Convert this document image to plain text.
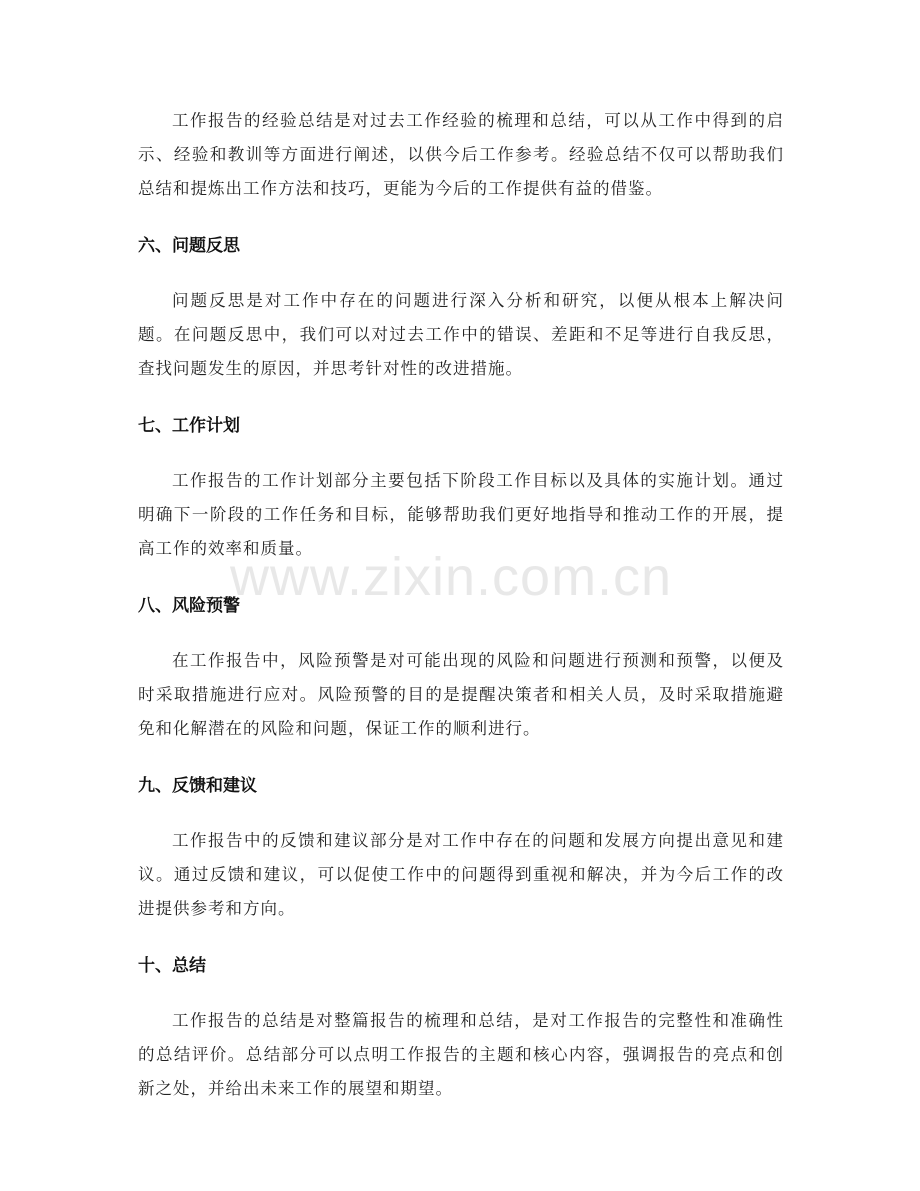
工作报告的经验总结是对过去工作经验的梳理和总结，可以从工作中得到的启示、经验和教训等方面进行阐述，以供今后工作参考。经验总结不仅可以帮助我们总结和提炼出工作方法和技巧，更能为今后的工作提供有益的借鉴。

六、问题反思

问题反思是对工作中存在的问题进行深入分析和研究，以便从根本上解决问题。在问题反思中，我们可以对过去工作中的错误、差距和不足等进行自我反思，查找问题发生的原因，并思考针对性的改进措施。

七、工作计划

工作报告的工作计划部分主要包括下阶段工作目标以及具体的实施计划。通过明确下一阶段的工作任务和目标，能够帮助我们更好地指导和推动工作的开展，提高工作的效率和质量。

八、风险预警

在工作报告中，风险预警是对可能出现的风险和问题进行预测和预警，以便及时采取措施进行应对。风险预警的目的是提醒决策者和相关人员，及时采取措施避免和化解潜在的风险和问题，保证工作的顺利进行。

九、反馈和建议

工作报告中的反馈和建议部分是对工作中存在的问题和发展方向提出意见和建议。通过反馈和建议，可以促使工作中的问题得到重视和解决，并为今后工作的改进提供参考和方向。

十、总结

工作报告的总结是对整篇报告的梳理和总结，是对工作报告的完整性和准确性的总结评价。总结部分可以点明工作报告的主题和核心内容，强调报告的亮点和创新之处，并给出未来工作的展望和期望。

www.zixin.com.cn
